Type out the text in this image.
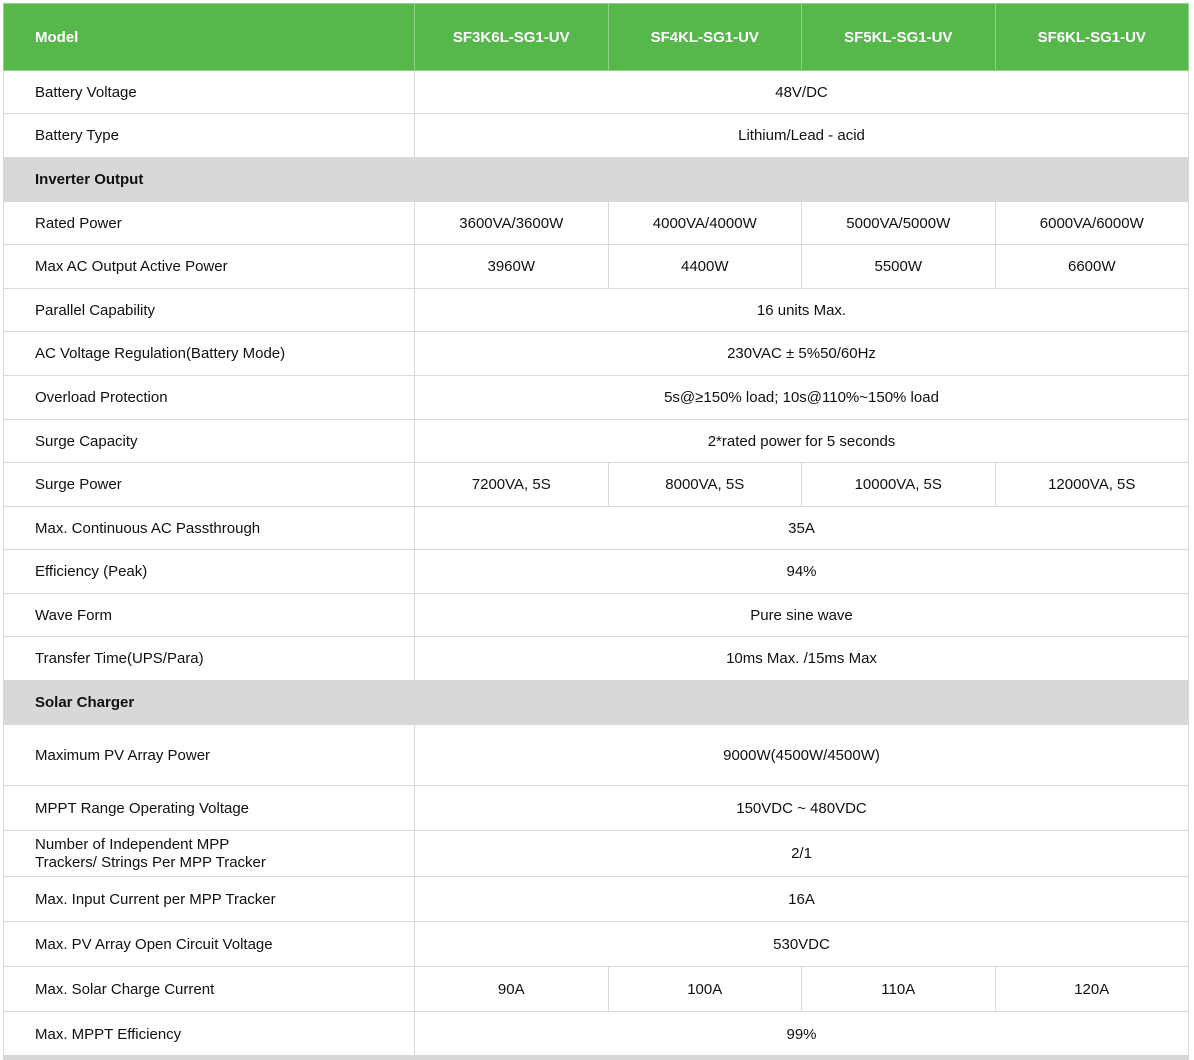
Model	SF3K6L-SG1-UV	SF4KL-SG1-UV	SF5KL-SG1-UV	SF6KL-SG1-UV
Battery Voltage	48V/DC			
Battery Type	Lithium/Lead - acid			
Inverter Output				
Rated Power	3600VA/3600W	4000VA/4000W	5000VA/5000W	6000VA/6000W
Max AC Output Active Power	3960W	4400W	5500W	6600W
Parallel Capability	16 units Max.			
AC Voltage Regulation(Battery Mode)	230VAC ± 5%50/60Hz			
Overload Protection	5s@≥150% load; 10s@110%~150% load			
Surge Capacity	2*rated power for 5 seconds			
Surge Power	7200VA, 5S	8000VA, 5S	10000VA, 5S	12000VA, 5S
Max. Continuous AC Passthrough	35A			
Efficiency (Peak)	94%			
Wave Form	Pure sine wave			
Transfer Time(UPS/Para)	10ms Max. /15ms Max			
Solar Charger				
Maximum PV Array Power	9000W(4500W/4500W)			
MPPT Range Operating Voltage	150VDC ~ 480VDC			
Number of Independent MPP Trackers/ Strings Per MPP Tracker	2/1			
Max. Input Current per MPP Tracker	16A			
Max. PV Array Open Circuit Voltage	530VDC			
Max. Solar Charge Current	90A	100A	110A	120A
Max. MPPT Efficiency	99%			
